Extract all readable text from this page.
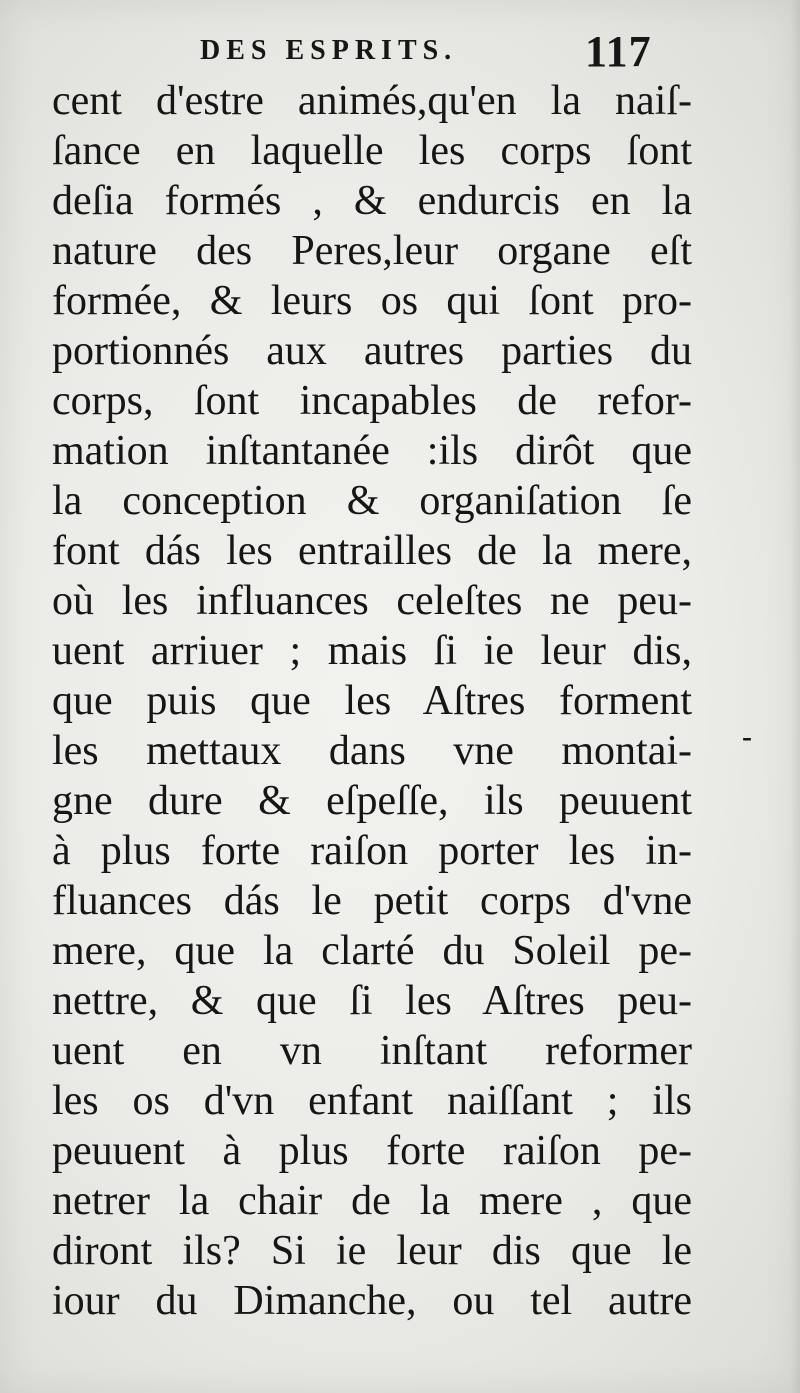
DES ESPRITS.	117
cent d'estre animés,qu'en la naiſ-
ſance en laquelle les corps ſont
deſia formés , & endurcis en la
nature des Peres,leur organe eſt
formée, & leurs os qui ſont pro-
portionnés aux autres parties du
corps, ſont incapables de refor-
mation inſtantanée :ils dirôt que
la conception & organiſation ſe
font dás les entrailles de la mere,
où les influances celeſtes ne peu-
uent arriuer ; mais ſi ie leur dis,
que puis que les Aſtres forment
les mettaux dans vne montai-
gne dure & eſpeſſe, ils peuuent
à plus forte raiſon porter les in-
fluances dás le petit corps d'vne
mere, que la clarté du Soleil pe-
nettre, & que ſi les Aſtres peu-
uent en vn inſtant reformer
les os d'vn enfant naiſſant ; ils
peuuent à plus forte raiſon pe-
netrer la chair de la mere , que
diront ils? Si ie leur dis que le
iour du Dimanche, ou tel autre
-
